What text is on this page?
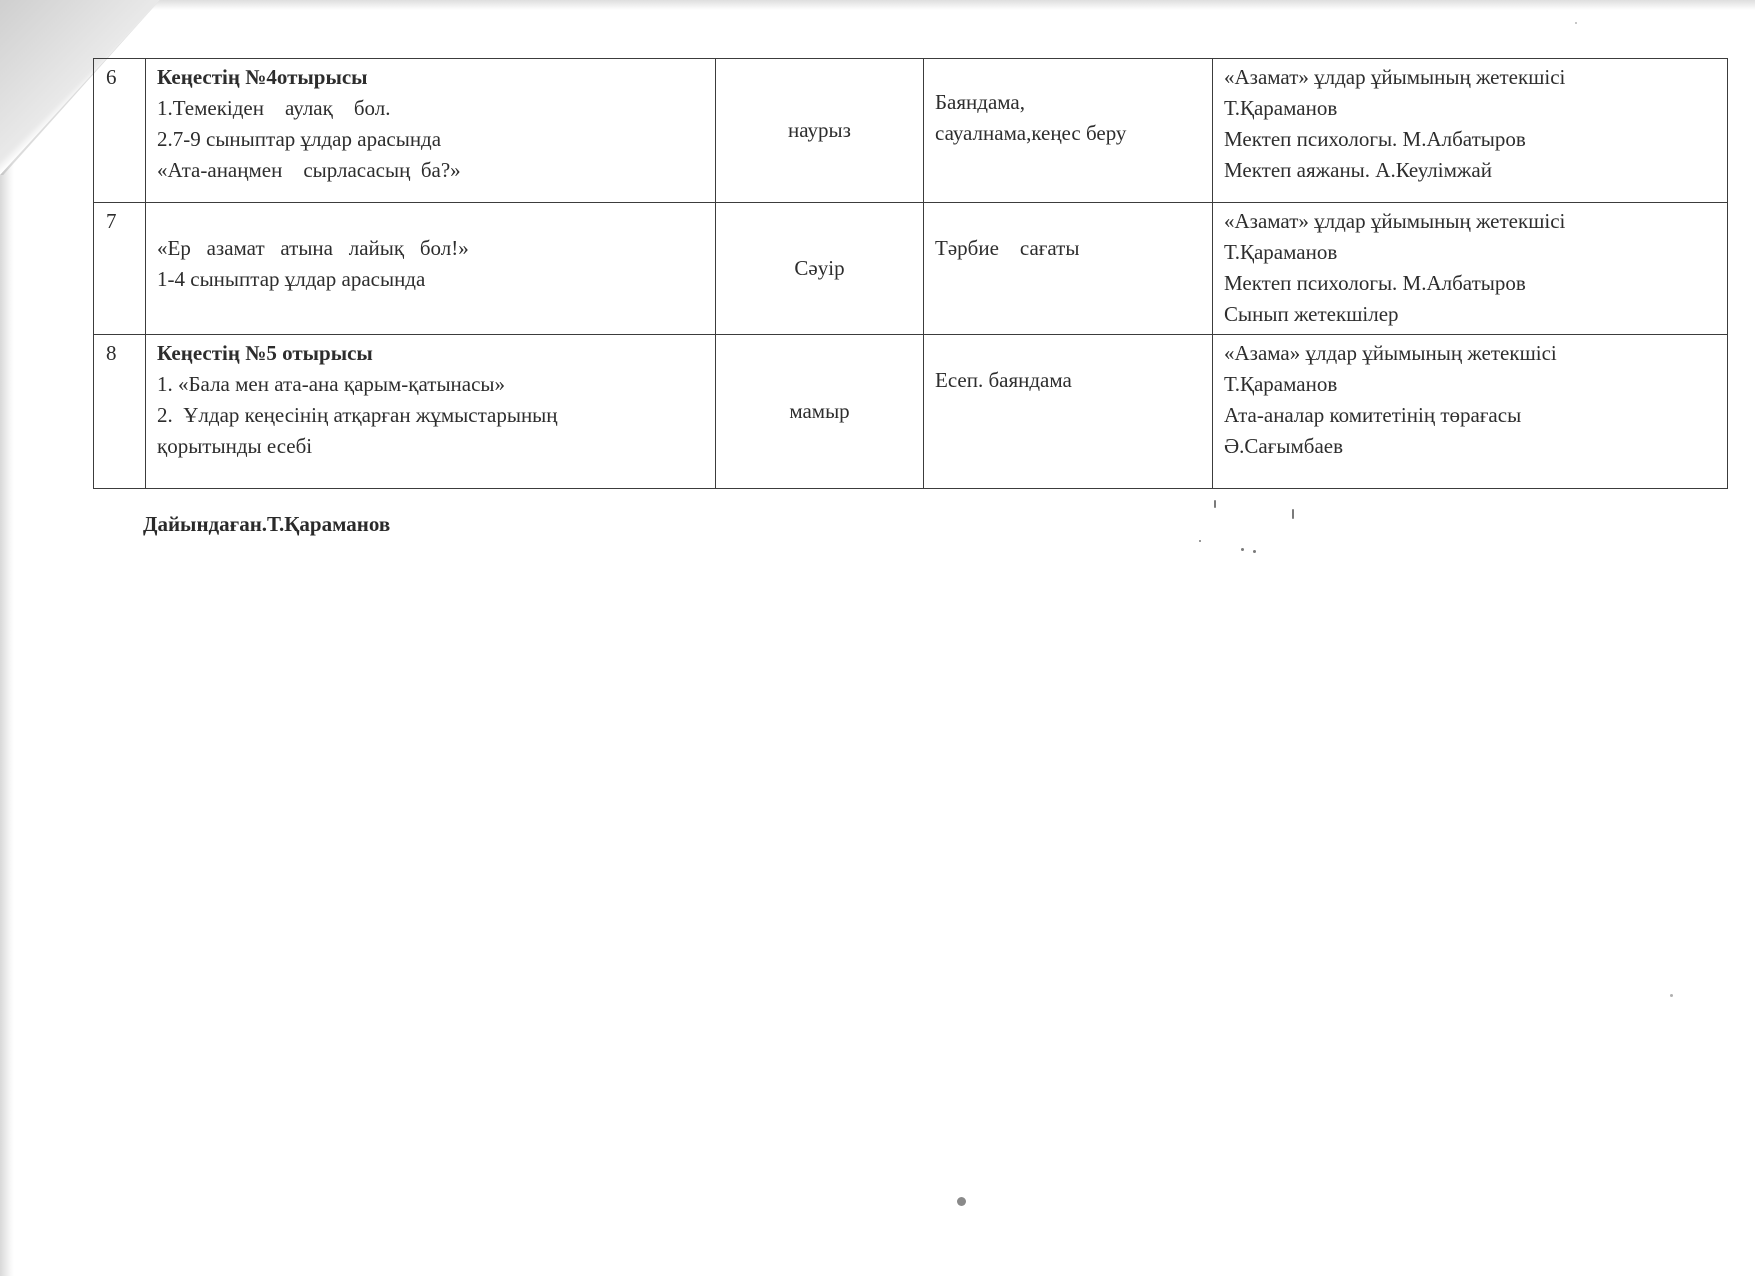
6	Кеңестің №4отырысы
1.Темекіден    аулақ    бол.
2.7-9 сыныптар ұлдар арасында
«Ата-анаңмен    сырласасың  ба?»	наурыз	Баяндама,
сауалнама,кеңес беру	«Азамат» ұлдар ұйымының жетекшісі
Т.Қараманов
Мектеп психологы. М.Албатыров
Мектеп аяжаны. А.Кеулімжай

7	«Ер   азамат   атына   лайық   бол!»
1-4 сыныптар ұлдар арасында	Сәуір	Тәрбие    сағаты	«Азамат» ұлдар ұйымының жетекшісі
Т.Қараманов
Мектеп психологы. М.Албатыров
Сынып жетекшілер

8	Кеңестің №5 отырысы
1. «Бала мен ата-ана қарым-қатынасы»
2.  Ұлдар кеңесінің атқарған жұмыстарының
қорытынды есебі	мамыр	Есеп. баяндама	«Азама» ұлдар ұйымының жетекшісі
Т.Қараманов
Ата-аналар комитетінің төрағасы
Ә.Сағымбаев
Дайындаған.Т.Қараманов
